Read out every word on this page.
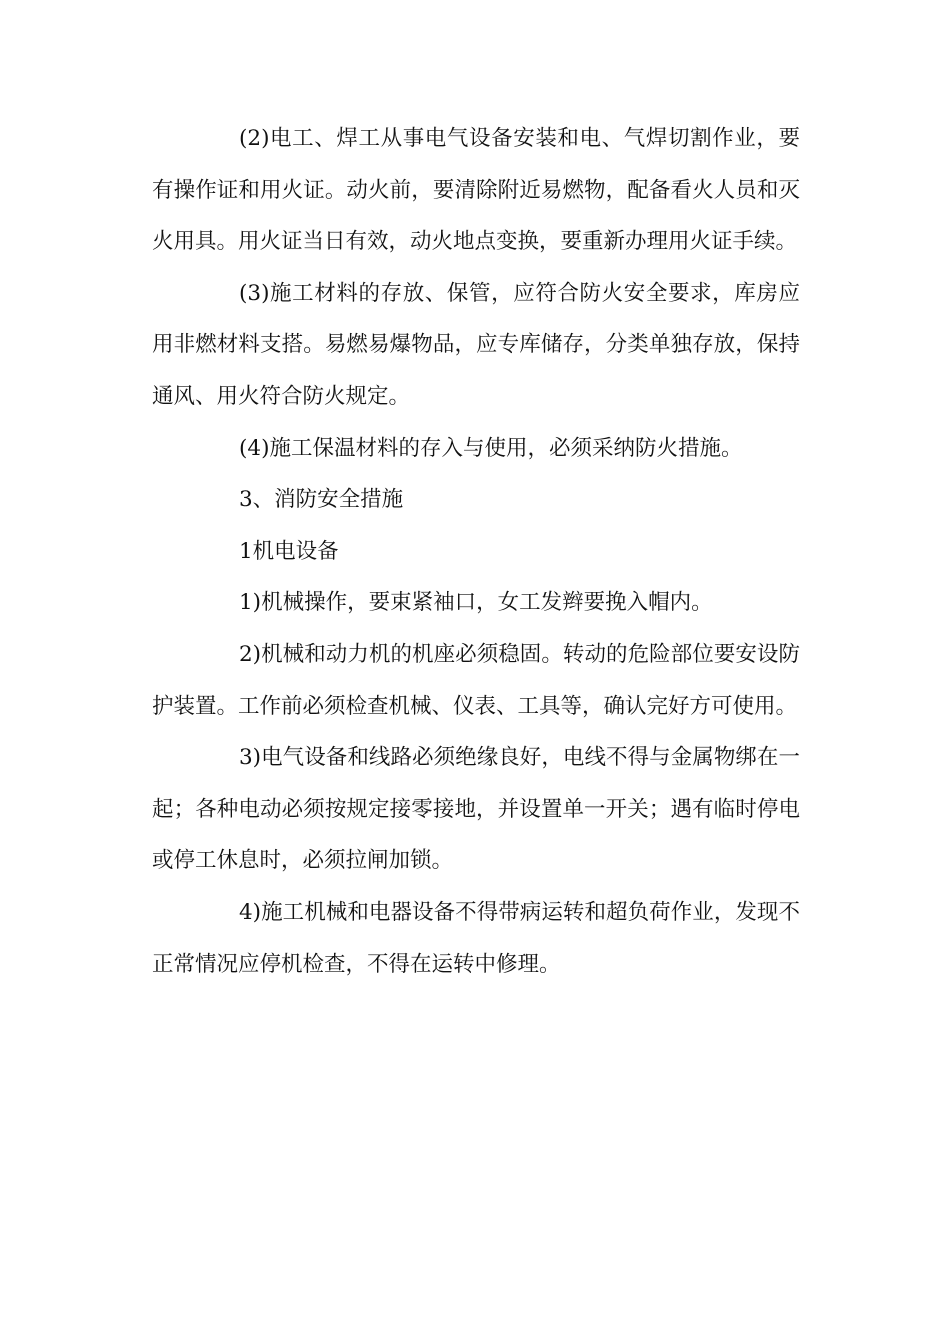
(2)电工、焊工从事电气设备安装和电、气焊切割作业，要有操作证和用火证。动火前，要清除附近易燃物，配备看火人员和灭火用具。用火证当日有效，动火地点变换，要重新办理用火证手续。

(3)施工材料的存放、保管，应符合防火安全要求，库房应用非燃材料支搭。易燃易爆物品，应专库储存，分类单独存放，保持通风、用火符合防火规定。

(4)施工保温材料的存入与使用，必须采纳防火措施。

3、消防安全措施

1机电设备

1)机械操作，要束紧袖口，女工发辫要挽入帽内。

2)机械和动力机的机座必须稳固。转动的危险部位要安设防护装置。工作前必须检查机械、仪表、工具等，确认完好方可使用。

3)电气设备和线路必须绝缘良好，电线不得与金属物绑在一起；各种电动必须按规定接零接地，并设置单一开关；遇有临时停电或停工休息时，必须拉闸加锁。

4)施工机械和电器设备不得带病运转和超负荷作业，发现不正常情况应停机检查，不得在运转中修理。
